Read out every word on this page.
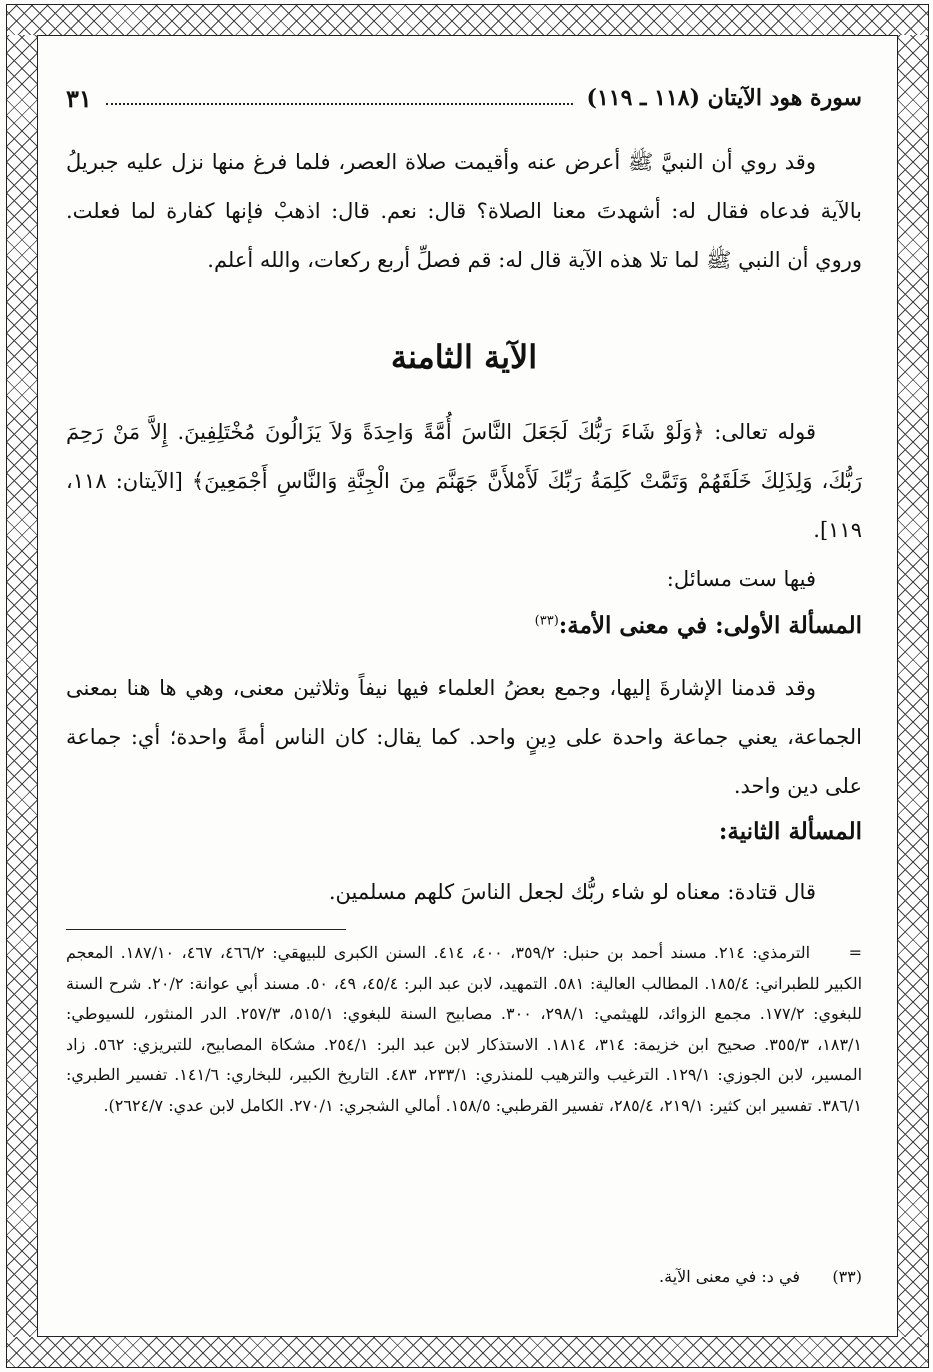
سورة هود الآيتان (١١٨ ـ ١١٩)
٣١
وقد روي أن النبيَّ ﷺ أعرض عنه وأقيمت صلاة العصر، فلما فرغ منها نزل عليه جبريلُ بالآية فدعاه فقال له: أشهدتَ معنا الصلاة؟ قال: نعم. قال: اذهبْ فإنها كفارة لما فعلت. وروي أن النبي ﷺ لما تلا هذه الآية قال له: قم فصلِّ أربع ركعات، والله أعلم.
الآية الثامنة
قوله تعالى: ﴿وَلَوْ شَاءَ رَبُّكَ لَجَعَلَ النَّاسَ أُمَّةً وَاحِدَةً وَلاَ يَزَالُونَ مُخْتَلِفِينَ. إِلاَّ مَنْ رَحِمَ رَبُّكَ، وَلِذَلِكَ خَلَقَهُمْ وَتَمَّتْ كَلِمَةُ رَبِّكَ لَأَمْلأَنَّ جَهَنَّمَ مِنَ الْجِنَّةِ وَالنَّاسِ أَجْمَعِينَ﴾ [الآيتان: ١١٨، ١١٩].
فيها ست مسائل:
المسألة الأولى: في معنى الأمة:$^{(٣٣)}$
وقد قدمنا الإشارةَ إليها، وجمع بعضُ العلماء فيها نيفاً وثلاثين معنى، وهي ها هنا بمعنى الجماعة، يعني جماعة واحدة على دِينٍ واحد. كما يقال: كان الناس أمةً واحدة؛ أي: جماعة على دين واحد.
المسألة الثانية:
قال قتادة: معناه لو شاء ربُّك لجعل الناسَ كلهم مسلمين.
=الترمذي: ٢١٤. مسند أحمد بن حنبل: ٣٥٩/٢، ٤٠٠، ٤١٤. السنن الكبرى للبيهقي: ٤٦٦/٢، ٤٦٧، ١٨٧/١٠. المعجم الكبير للطبراني: ١٨٥/٤. المطالب العالية: ٥٨١. التمهيد، لابن عبد البر: ٤٥/٤، ٤٩، ٥٠. مسند أبي عوانة: ٢٠/٢. شرح السنة للبغوي: ١٧٧/٢. مجمع الزوائد، للهيثمي: ٢٩٨/١، ٣٠٠. مصابيح السنة للبغوي: ٥١٥/١، ٢٥٧/٣. الدر المنثور، للسيوطي: ١٨٣/١، ٣٥٥/٣. صحيح ابن خزيمة: ٣١٤، ١٨١٤. الاستذكار لابن عبد البر: ٢٥٤/١. مشكاة المصابيح، للتبريزي: ٥٦٢. زاد المسير، لابن الجوزي: ١٢٩/١. الترغيب والترهيب للمنذري: ٢٣٣/١، ٤٨٣. التاريخ الكبير، للبخاري: ١٤١/٦. تفسير الطبري: ٣٨٦/١. تفسير ابن كثير: ٢١٩/١، ٢٨٥/٤، تفسير القرطبي: ١٥٨/٥. أمالي الشجري: ٢٧٠/١. الكامل لابن عدي: ٢٦٢٤/٧).
(٣٣)في د: في معنى الآية.
